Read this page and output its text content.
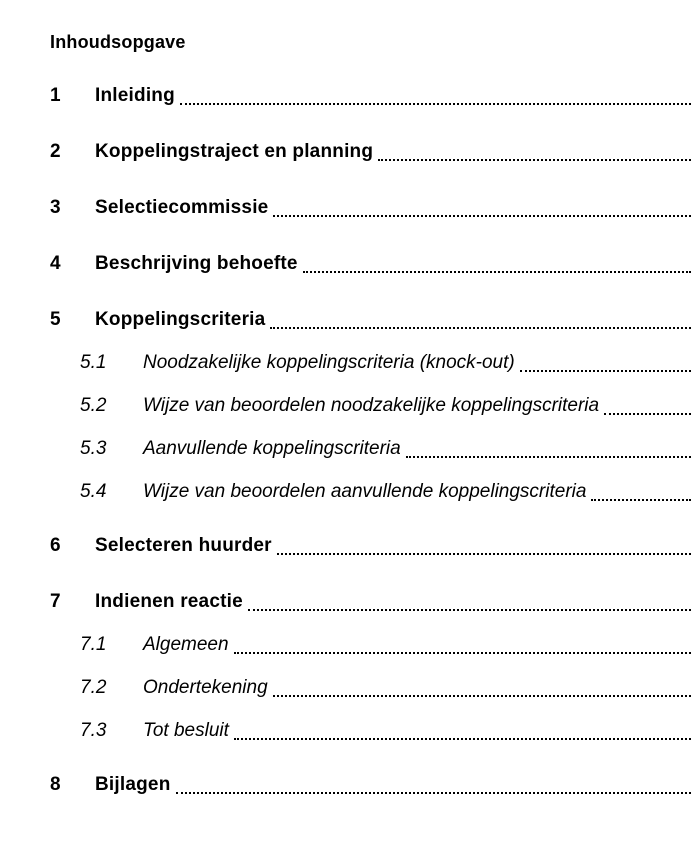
Inhoudsopgave
1	Inleiding
2	Koppelingstraject en planning
3	Selectiecommissie
4	Beschrijving behoefte
5	Koppelingscriteria
5.1	Noodzakelijke koppelingscriteria (knock-out)
5.2	Wijze van beoordelen noodzakelijke koppelingscriteria
5.3	Aanvullende koppelingscriteria
5.4	Wijze van beoordelen aanvullende koppelingscriteria
6	Selecteren huurder
7	Indienen reactie
7.1	Algemeen
7.2	Ondertekening
7.3	Tot besluit
8	Bijlagen
